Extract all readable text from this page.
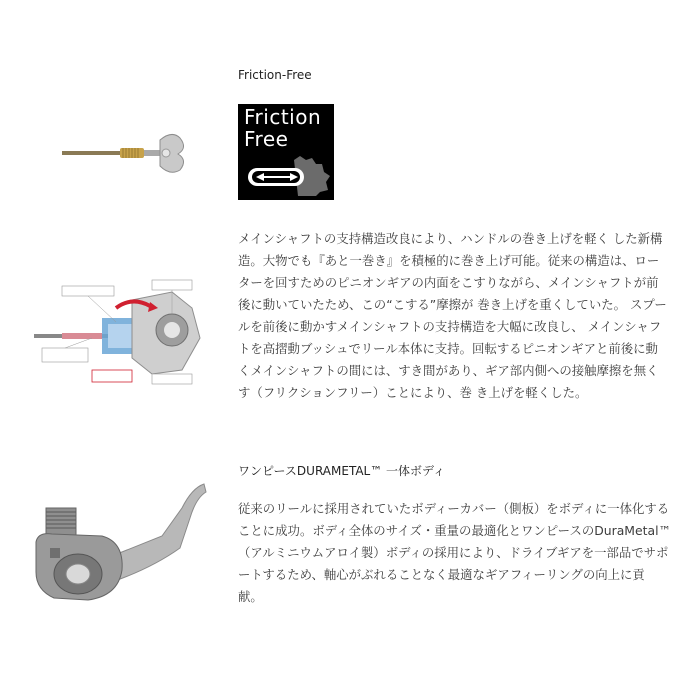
Friction-Free
Friction
Free
メインシャフトの支持構造改良により、ハンドルの巻き上げを軽く した新構
造。大物でも『あと一巻き』を積極的に巻き上げ可能。従来の構造は、ロー
ターを回すためのピニオンギアの内面をこすりながら、メインシャフトが前
後に動いていたため、この“こする”摩擦が 巻き上げを重くしていた。 スプー
ルを前後に動かすメインシャフトの支持構造を大幅に改良し、 メインシャフ
トを高摺動ブッシュでリール本体に支持。回転するピニオンギアと前後に動
くメインシャフトの間には、すき間があり、ギア部内側への接触摩擦を無く
す（フリクションフリー）ことにより、巻 き上げを軽くした。
ワンピースDURAMETAL™ 一体ボディ
従来のリールに採用されていたボディーカバー（側板）をボディに一体化する
ことに成功。ボディ全体のサイズ・重量の最適化とワンピースのDuraMetal™
（アルミニウムアロイ製）ボディの採用により、ドライブギアを一部品でサポ
ートするため、軸心がぶれることなく最適なギアフィーリングの向上に貢
献。
